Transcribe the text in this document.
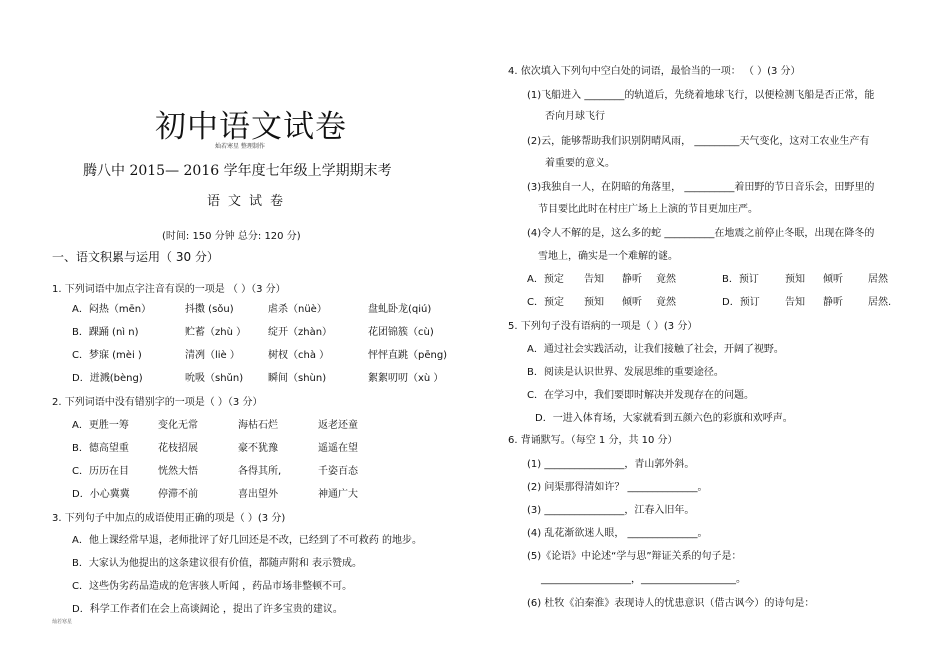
初中语文试卷
灿若寒星 整理制作
腾八中 2015— 2016 学年度七年级上学期期末考
语文试卷
(时间: 150 分钟 总分: 120 分)
一、语文积累与运用（ 30 分）
1. 下列词语中加点字注音有误的一项是 （ ）（3 分）
A．闷热（mēn）	抖擞 (sǒu)	虐杀（nüè）	盘虬卧龙(qiú)
B．踝踊 (nì n)	贮蓄（zhù ） 绽开（zhàn）	花团锦簇（cù)
C．梦寐 (mèi )	清冽（liè ）	树杈（chà ）	怦怦直跳（pēng)
D．迸溅(bèng)	吮吸（shǔn) 瞬间（shùn)	絮絮叨叨（xù ）
2. 下列词语中没有错别字的一项是（ ）（3 分）
A．更胜一筹	变化无常	海枯石烂	返老还童
B．德高望重	花枝招展	豪不犹豫	遥遥在望
C．历历在目	恍然大悟	各得其所,	千姿百态
D．小心冀冀	停滞不前	喜出望外	神通广大
3. 下列句子中加点的成语使用正确的项是（ ）(3 分)
A．他上课经常早退，老师批评了好几回还是不改，已经到了不可救药 的地步。
B．大家认为他提出的这条建议很有价值，都随声附和 表示赞成。
C．这些伪劣药品造成的危害骇人听闻 ，药品市场非整顿不可。
D．科学工作者们在会上高谈阔论 ，提出了许多宝贵的建议。
灿若寒星
4. 依次填入下列句中空白处的词语，最恰当的一项： （ ）(3 分）
(1)飞船进入 ________的轨道后，先绕着地球飞行，以便检测飞船是否正常，能
否向月球飞行
(2)云，能够帮助我们识别阴晴风雨， _________天气变化，这对工农业生产有
着重要的意义。
(3)我独自一人，在阴暗的角落里， __________着田野的节日音乐会，田野里的
节目要比此时在村庄广场上上演的节目更加庄严。
(4)令人不解的是，这么多的蛇 __________在地震之前停止冬眠，出现在降冬的
雪地上，确实是一个难解的谜。
A．预定 告知 静听 竟然	B．预订	预知 倾听	居然
C．预定 预知 倾听 竟然	D．预订	告知 静听	居然.
5. 下列句子没有语病的一项是（ ）(3 分）
A．通过社会实践活动，让我们接触了社会，开阔了视野。
B．阅读是认识世界、发展思维的重要途径。
C．在学习中，我们要即时解决并发现存在的问题。
D．一进入体育场，大家就看到五颜六色的彩旗和欢呼声。
6. 背诵默写。（每空 1 分，共 10 分）
(1) ________________，青山郭外斜。
(2) 问渠那得清如许？ ______________。
(3) ________________，江春入旧年。
(4) 乱花渐欲迷人眼， ______________。
(5)《论语》中论述“学与思”辩证关系的句子是：
__________________，___________________。
(6) 杜牧《泊秦淮》表现诗人的忧患意识（借古讽今）的诗句是：
